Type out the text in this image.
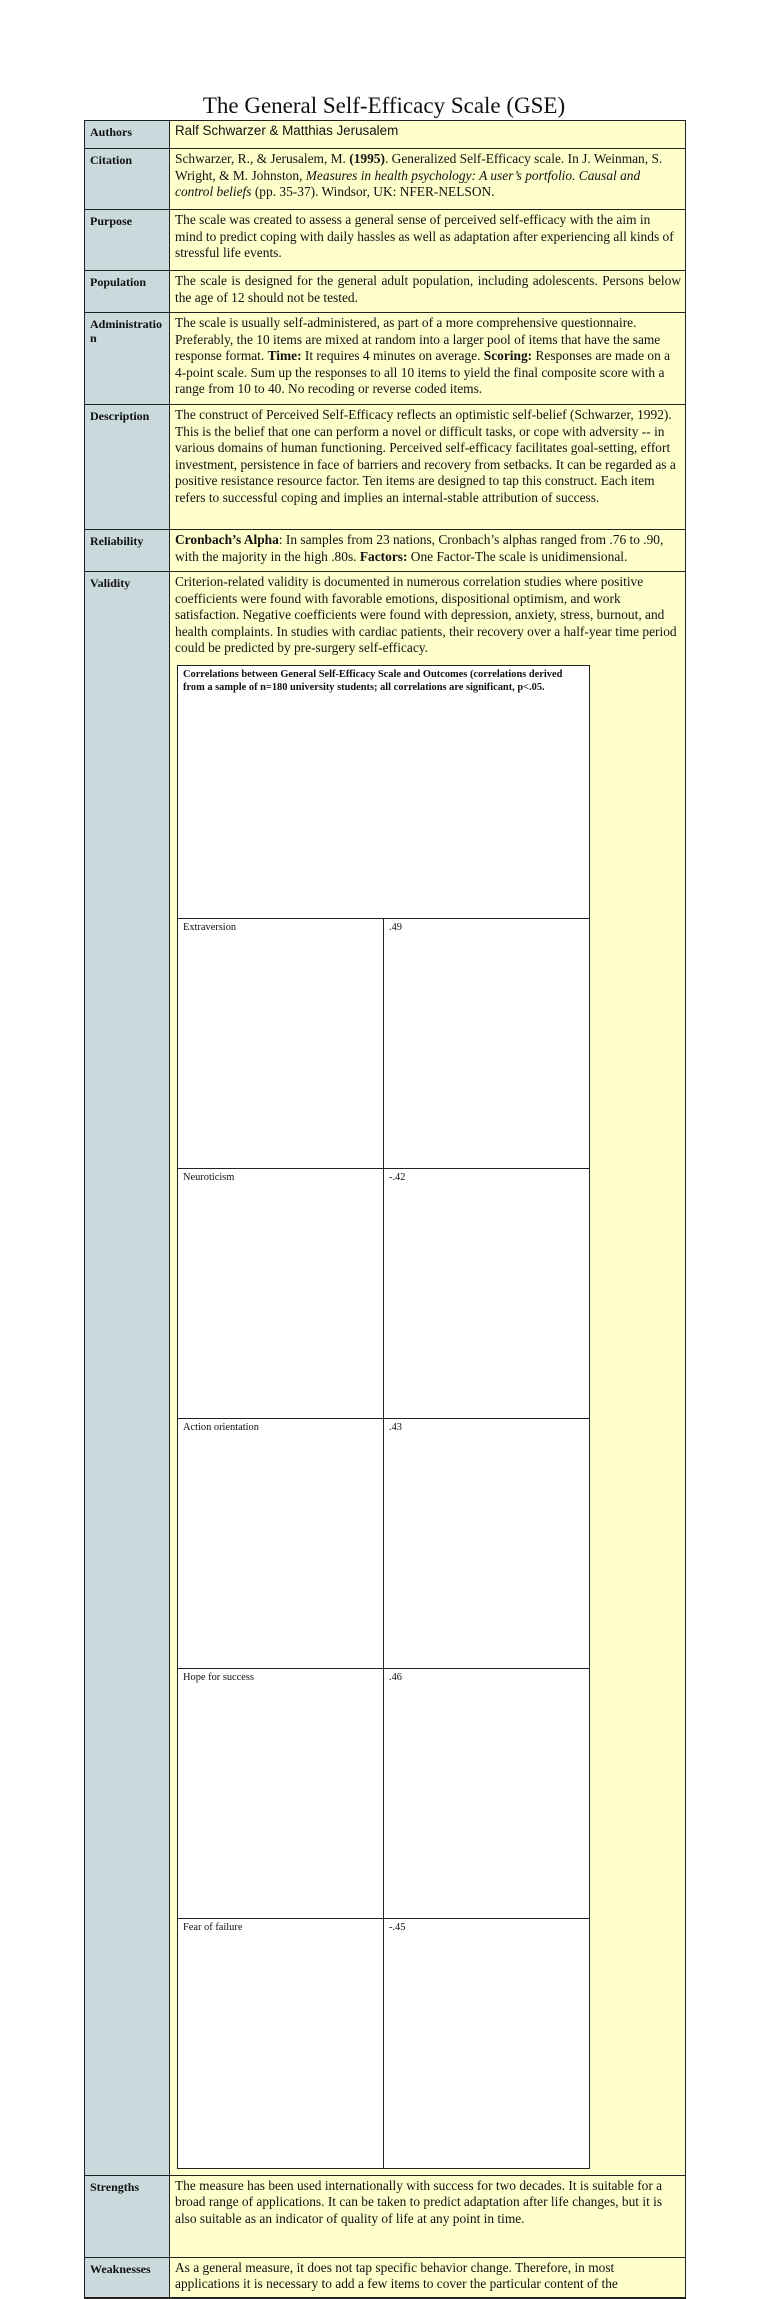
The General Self-Efficacy Scale (GSE)
Authors	Ralf Schwarzer & Matthias Jerusalem
Citation	Schwarzer, R., & Jerusalem, M. (1995). Generalized Self-Efficacy scale. In J. Weinman, S. Wright, & M. Johnston, Measures in health psychology: A user’s portfolio. Causal and control beliefs (pp. 35-37). Windsor, UK: NFER-NELSON.
Purpose	The scale was created to assess a general sense of perceived self-efficacy with the aim in mind to predict coping with daily hassles as well as adaptation after experiencing all kinds of stressful life events.
Population	The scale is designed for the general adult population, including adolescents. Persons below the age of 12 should not be tested.
Administration	The scale is usually self-administered, as part of a more comprehensive questionnaire. Preferably, the 10 items are mixed at random into a larger pool of items that have the same response format. Time: It requires 4 minutes on average. Scoring: Responses are made on a 4-point scale. Sum up the responses to all 10 items to yield the final composite score with a range from 10 to 40. No recoding or reverse coded items.
Description	The construct of Perceived Self-Efficacy reflects an optimistic self-belief (Schwarzer, 1992). This is the belief that one can perform a novel or difficult tasks, or cope with adversity -- in various domains of human functioning. Perceived self-efficacy facilitates goal-setting, effort investment, persistence in face of barriers and recovery from setbacks. It can be regarded as a positive resistance resource factor. Ten items are designed to tap this construct. Each item refers to successful coping and implies an internal-stable attribution of success.
Reliability	Cronbach’s Alpha: In samples from 23 nations, Cronbach’s alphas ranged from .76 to .90, with the majority in the high .80s. Factors: One Factor-The scale is unidimensional.
Validity	Criterion-related validity is documented in numerous correlation studies where positive coefficients were found with favorable emotions, dispositional optimism, and work satisfaction. Negative coefficients were found with depression, anxiety, stress, burnout, and health complaints. In studies with cardiac patients, their recovery over a half-year time period could be predicted by pre-surgery self-efficacy.
Correlations between General Self-Efficacy Scale and Outcomes (correlations derived from a sample of n=180 university students; all correlations are significant, p<.05.
Extraversion	.49
Neuroticism	-.42
Action orientation	.43
Hope for success	.46
Fear of failure	-.45

Strengths	The measure has been used internationally with success for two decades. It is suitable for a broad range of applications. It can be taken to predict adaptation after life changes, but it is also suitable as an indicator of quality of life at any point in time.
Weaknesses	As a general measure, it does not tap specific behavior change. Therefore, in most applications it is necessary to add a few items to cover the particular content of the
